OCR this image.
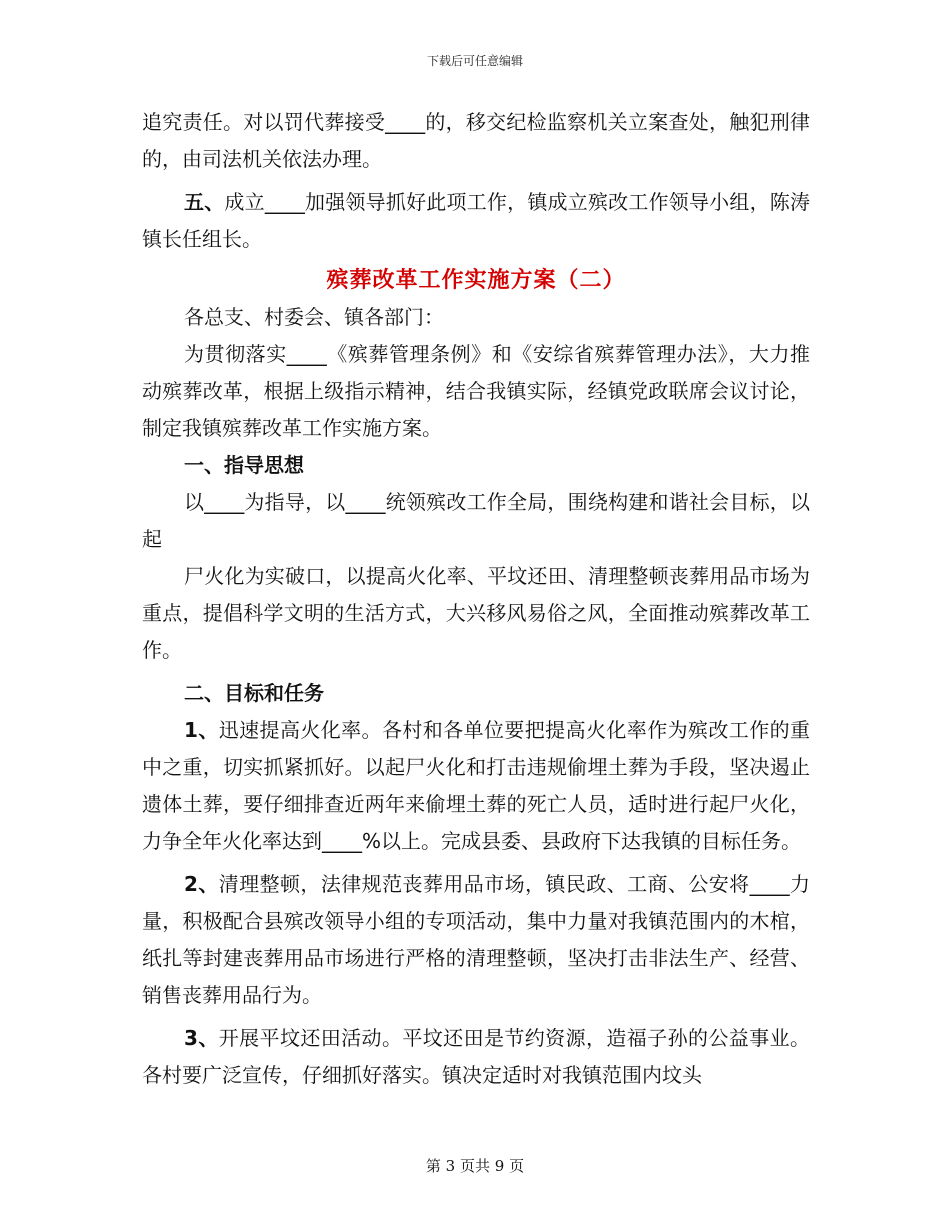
下载后可任意编辑

追究责任。对以罚代葬接受____的，移交纪检监察机关立案查处，触犯刑律的，由司法机关依法办理。

五、成立____加强领导抓好此项工作，镇成立殡改工作领导小组，陈涛镇长任组长。

殡葬改革工作实施方案（二）

各总支、村委会、镇各部门：

为贯彻落实____《殡葬管理条例》和《安综省殡葬管理办法》，大力推动殡葬改革，根据上级指示精神，结合我镇实际，经镇党政联席会议讨论，制定我镇殡葬改革工作实施方案。

一、指导思想

以____为指导，以____统领殡改工作全局，围绕构建和谐社会目标，以起

尸火化为实破口，以提高火化率、平坟还田、清理整顿丧葬用品市场为重点，提倡科学文明的生活方式，大兴移风易俗之风，全面推动殡葬改革工作。

二、目标和任务

1、迅速提高火化率。各村和各单位要把提高火化率作为殡改工作的重中之重，切实抓紧抓好。以起尸火化和打击违规偷埋土葬为手段，坚决遏止遗体土葬，要仔细排查近两年来偷埋土葬的死亡人员，适时进行起尸火化，力争全年火化率达到____%以上。完成县委、县政府下达我镇的目标任务。

2、清理整顿，法律规范丧葬用品市场，镇民政、工商、公安将____力量，积极配合县殡改领导小组的专项活动，集中力量对我镇范围内的木棺，纸扎等封建丧葬用品市场进行严格的清理整顿，坚决打击非法生产、经营、销售丧葬用品行为。

3、开展平坟还田活动。平坟还田是节约资源，造福子孙的公益事业。各村要广泛宣传，仔细抓好落实。镇决定适时对我镇范围内坟头

第 3 页共 9 页
